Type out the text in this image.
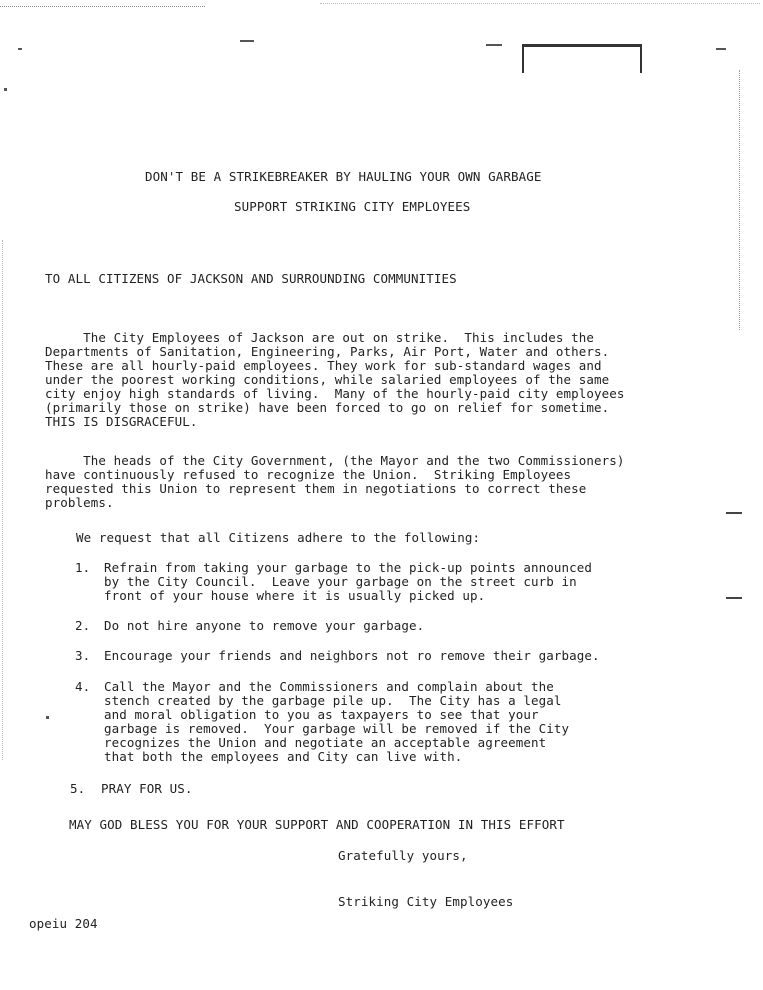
DON'T BE A STRIKEBREAKER BY HAULING YOUR OWN GARBAGE
SUPPORT STRIKING CITY EMPLOYEES
TO ALL CITIZENS OF JACKSON AND SURROUNDING COMMUNITIES
The City Employees of Jackson are out on strike.  This includes the
Departments of Sanitation, Engineering, Parks, Air Port, Water and others.
These are all hourly-paid employees. They work for sub-standard wages and
under the poorest working conditions, while salaried employees of the same
city enjoy high standards of living.  Many of the hourly-paid city employees
(primarily those on strike) have been forced to go on relief for sometime.
THIS IS DISGRACEFUL.
The heads of the City Government, (the Mayor and the two Commissioners)
have continuously refused to recognize the Union.  Striking Employees
requested this Union to represent them in negotiations to correct these
problems.
We request that all Citizens adhere to the following:
1. Refrain from taking your garbage to the pick-up points announced
by the City Council.  Leave your garbage on the street curb in
front of your house where it is usually picked up.
2. Do not hire anyone to remove your garbage.
3. Encourage your friends and neighbors not ro remove their garbage.
4. Call the Mayor and the Commissioners and complain about the
stench created by the garbage pile up.  The City has a legal
and moral obligation to you as taxpayers to see that your
garbage is removed.  Your garbage will be removed if the City
recognizes the Union and negotiate an acceptable agreement
that both the employees and City can live with.
5. PRAY FOR US.
MAY GOD BLESS YOU FOR YOUR SUPPORT AND COOPERATION IN THIS EFFORT
Gratefully yours,
Striking City Employees
opeiu 204
